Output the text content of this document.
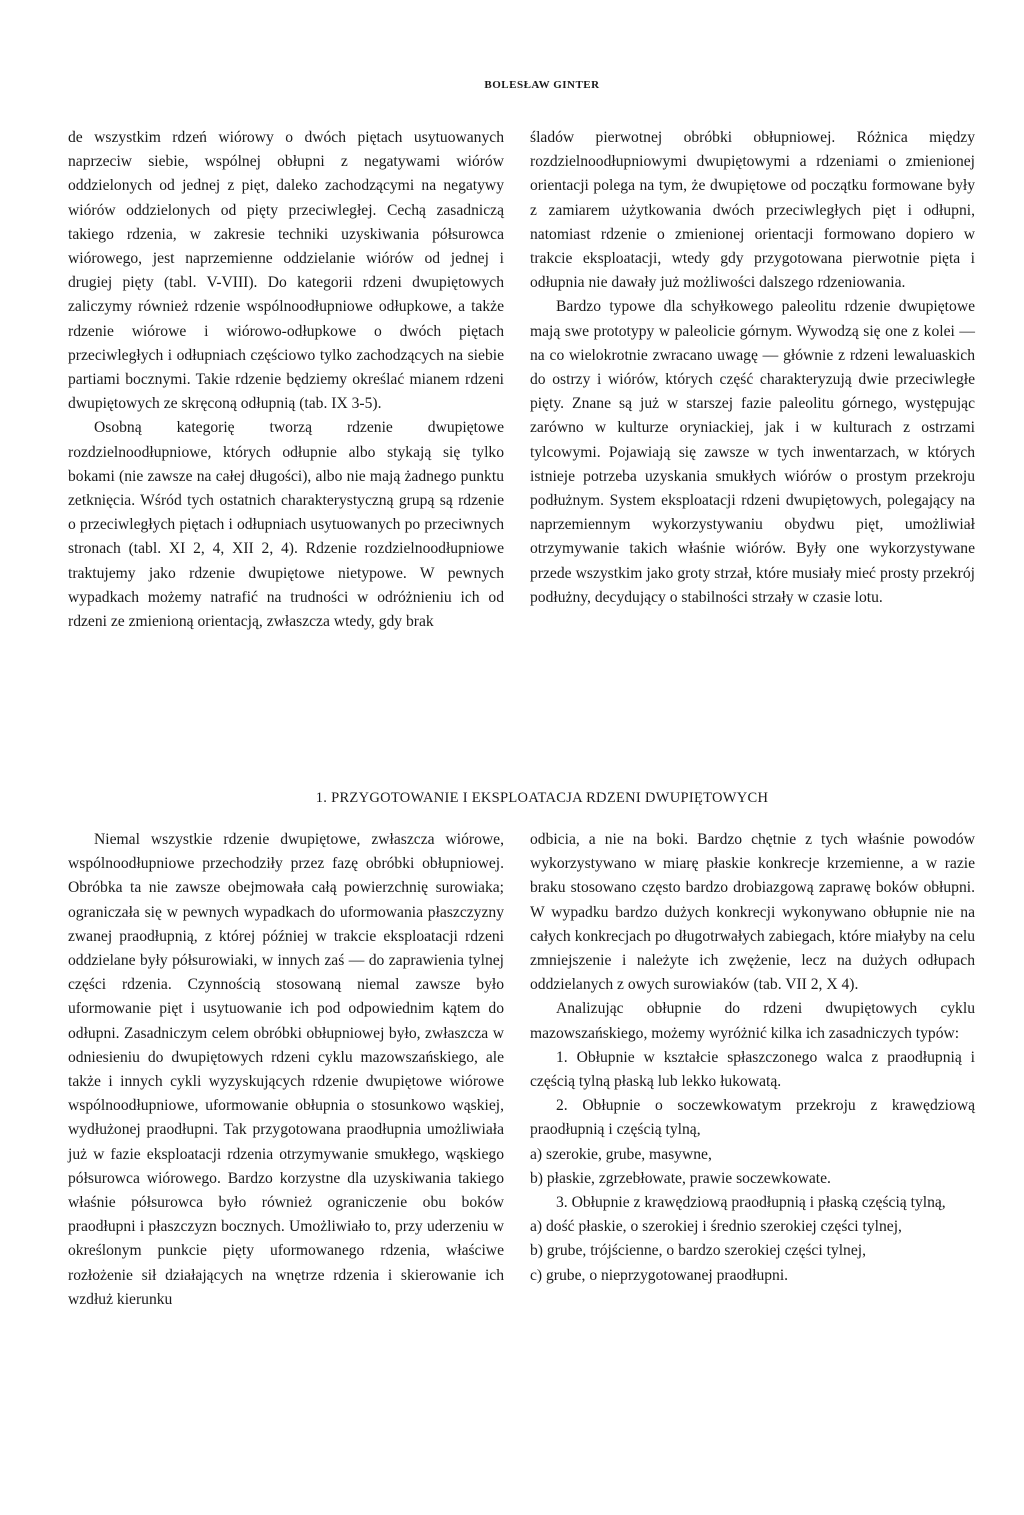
BOLESŁAW GINTER

de wszystkim rdzeń wiórowy o dwóch piętach usytuowanych naprzeciw siebie, wspólnej obłupni z negatywami wiórów oddzielonych od jednej z pięt, daleko zachodzącymi na negatywy wiórów oddzielonych od pięty przeciwległej. Cechą zasadniczą takiego rdzenia, w zakresie techniki uzyskiwania półsurowca wiórowego, jest naprzemienne oddzielanie wiórów od jednej i drugiej pięty (tabl. V-VIII). Do kategorii rdzeni dwupiętowych zaliczymy również rdzenie wspólnoodłupniowe odłupkowe, a także rdzenie wiórowe i wiórowo-odłupkowe o dwóch piętach przeciwległych i odłupniach częściowo tylko zachodzących na siebie partiami bocznymi. Takie rdzenie będziemy określać mianem rdzeni dwupiętowych ze skręconą odłupnią (tab. IX 3-5).

Osobną kategorię tworzą rdzenie dwupiętowe rozdzielnoodłupniowe, których odłupnie albo stykają się tylko bokami (nie zawsze na całej długości), albo nie mają żadnego punktu zetknięcia. Wśród tych ostatnich charakterystyczną grupą są rdzenie o przeciwległych piętach i odłupniach usytuowanych po przeciwnych stronach (tabl. XI 2, 4, XII 2, 4). Rdzenie rozdzielnoodłupniowe traktujemy jako rdzenie dwupiętowe nietypowe. W pewnych wypadkach możemy natrafić na trudności w odróżnieniu ich od rdzeni ze zmienioną orientacją, zwłaszcza wtedy, gdy brak

śladów pierwotnej obróbki obłupniowej. Różnica między rozdzielnoodłupniowymi dwupiętowymi a rdzeniami o zmienionej orientacji polega na tym, że dwupiętowe od początku formowane były z zamiarem użytkowania dwóch przeciwległych pięt i odłupni, natomiast rdzenie o zmienionej orientacji formowano dopiero w trakcie eksploatacji, wtedy gdy przygotowana pierwotnie pięta i odłupnia nie dawały już możliwości dalszego rdzeniowania.

Bardzo typowe dla schyłkowego paleolitu rdzenie dwupiętowe mają swe prototypy w paleolicie górnym. Wywodzą się one z kolei — na co wielokrotnie zwracano uwagę — głównie z rdzeni lewaluaskich do ostrzy i wiórów, których część charakteryzują dwie przeciwległe pięty. Znane są już w starszej fazie paleolitu górnego, występując zarówno w kulturze oryniackiej, jak i w kulturach z ostrzami tylcowymi. Pojawiają się zawsze w tych inwentarzach, w których istnieje potrzeba uzyskania smukłych wiórów o prostym przekroju podłużnym. System eksploatacji rdzeni dwupiętowych, polegający na naprzemiennym wykorzystywaniu obydwu pięt, umożliwiał otrzymywanie takich właśnie wiórów. Były one wykorzystywane przede wszystkim jako groty strzał, które musiały mieć prosty przekrój podłużny, decydujący o stabilności strzały w czasie lotu.

1. PRZYGOTOWANIE I EKSPLOATACJA RDZENI DWUPIĘTOWYCH

Niemal wszystkie rdzenie dwupiętowe, zwłaszcza wiórowe, wspólnoodłupniowe przechodziły przez fazę obróbki obłupniowej. Obróbka ta nie zawsze obejmowała całą powierzchnię surowiaka; ograniczała się w pewnych wypadkach do uformowania płaszczyzny zwanej praodłupnią, z której później w trakcie eksploatacji rdzeni oddzielane były półsurowiaki, w innych zaś — do zaprawienia tylnej części rdzenia. Czynnością stosowaną niemal zawsze było uformowanie pięt i usytuowanie ich pod odpowiednim kątem do odłupni. Zasadniczym celem obróbki obłupniowej było, zwłaszcza w odniesieniu do dwupiętowych rdzeni cyklu mazowszańskiego, ale także i innych cykli wyzyskujących rdzenie dwupiętowe wiórowe wspólnoodłupniowe, uformowanie obłupnia o stosunkowo wąskiej, wydłużonej praodłupni. Tak przygotowana praodłupnia umożliwiała już w fazie eksploatacji rdzenia otrzymywanie smukłego, wąskiego półsurowca wiórowego. Bardzo korzystne dla uzyskiwania takiego właśnie półsurowca było również ograniczenie obu boków praodłupni i płaszczyzn bocznych. Umożliwiało to, przy uderzeniu w określonym punkcie pięty uformowanego rdzenia, właściwe rozłożenie sił działających na wnętrze rdzenia i skierowanie ich wzdłuż kierunku

odbicia, a nie na boki. Bardzo chętnie z tych właśnie powodów wykorzystywano w miarę płaskie konkrecje krzemienne, a w razie braku stosowano często bardzo drobiazgową zaprawę boków obłupni. W wypadku bardzo dużych konkrecji wykonywano obłupnie nie na całych konkrecjach po długotrwałych zabiegach, które miałyby na celu zmniejszenie i należyte ich zwężenie, lecz na dużych odłupach oddzielanych z owych surowiaków (tab. VII 2, X 4).

Analizując obłupnie do rdzeni dwupiętowych cyklu mazowszańskiego, możemy wyróżnić kilka ich zasadniczych typów:

1. Obłupnie w kształcie spłaszczonego walca z praodłupnią i częścią tylną płaską lub lekko łukowatą.

2. Obłupnie o soczewkowatym przekroju z krawędziową praodłupnią i częścią tylną,

a) szerokie, grube, masywne,

b) płaskie, zgrzebłowate, prawie soczewkowate.

3. Obłupnie z krawędziową praodłupnią i płaską częścią tylną,

a) dość płaskie, o szerokiej i średnio szerokiej części tylnej,

b) grube, trójścienne, o bardzo szerokiej części tylnej,

c) grube, o nieprzygotowanej praodłupni.
